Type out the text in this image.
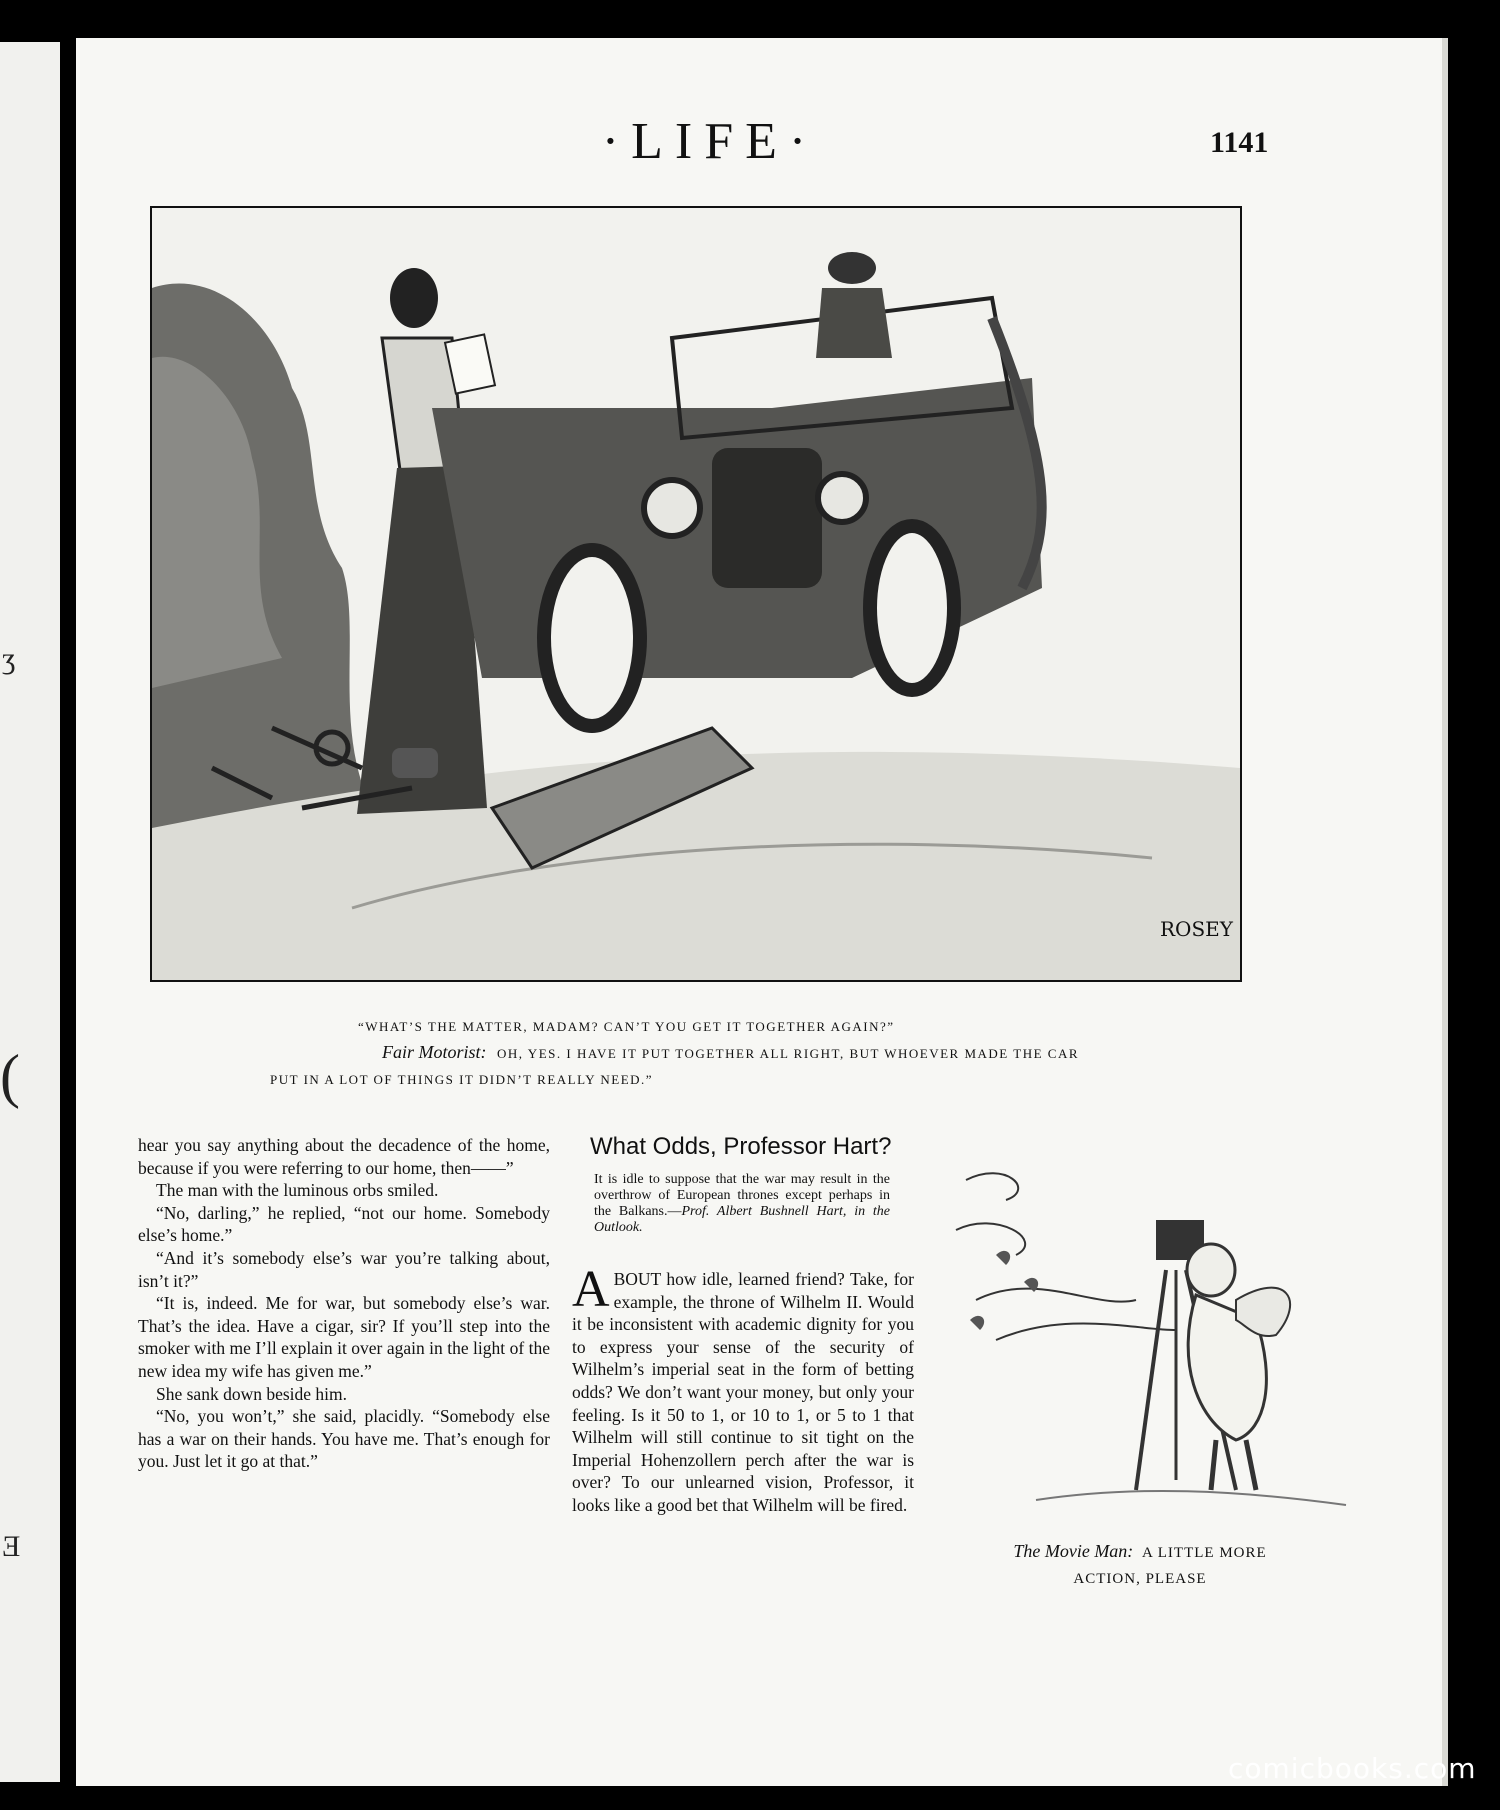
ʒ
(
Ǝ
·LIFE·	1141
ROSEY
“WHAT’S THE MATTER, MADAM? CAN’T YOU GET IT TOGETHER AGAIN?”
Fair Motorist: OH, YES. I HAVE IT PUT TOGETHER ALL RIGHT, BUT WHOEVER MADE THE CAR
PUT IN A LOT OF THINGS IT DIDN’T REALLY NEED.”

hear you say anything about the decadence of the home, because if you were referring to our home, then——”

The man with the luminous orbs smiled.

“No, darling,” he replied, “not our home. Somebody else’s home.”

“And it’s somebody else’s war you’re talking about, isn’t it?”

“It is, indeed. Me for war, but somebody else’s war. That’s the idea. Have a cigar, sir? If you’ll step into the smoker with me I’ll explain it over again in the light of the new idea my wife has given me.”

She sank down beside him.

“No, you won’t,” she said, placidly. “Somebody else has a war on their hands. You have me. That’s enough for you. Just let it go at that.”

What Odds, Professor Hart?
It is idle to suppose that the war may result in the overthrow of European thrones except perhaps in the Balkans.—Prof. Albert Bushnell Hart, in the Outlook.
ABOUT how idle, learned friend? Take, for example, the throne of Wilhelm II. Would it be inconsistent with academic dignity for you to express your sense of the security of Wilhelm’s imperial seat in the form of betting odds? We don’t want your money, but only your feeling. Is it 50 to 1, or 10 to 1, or 5 to 1 that Wilhelm will still continue to sit tight on the Imperial Hohenzollern perch after the war is over? To our unlearned vision, Professor, it looks like a good bet that Wilhelm will be fired.
The Movie Man: A LITTLE MORE
ACTION, PLEASE
comicbooks.com
